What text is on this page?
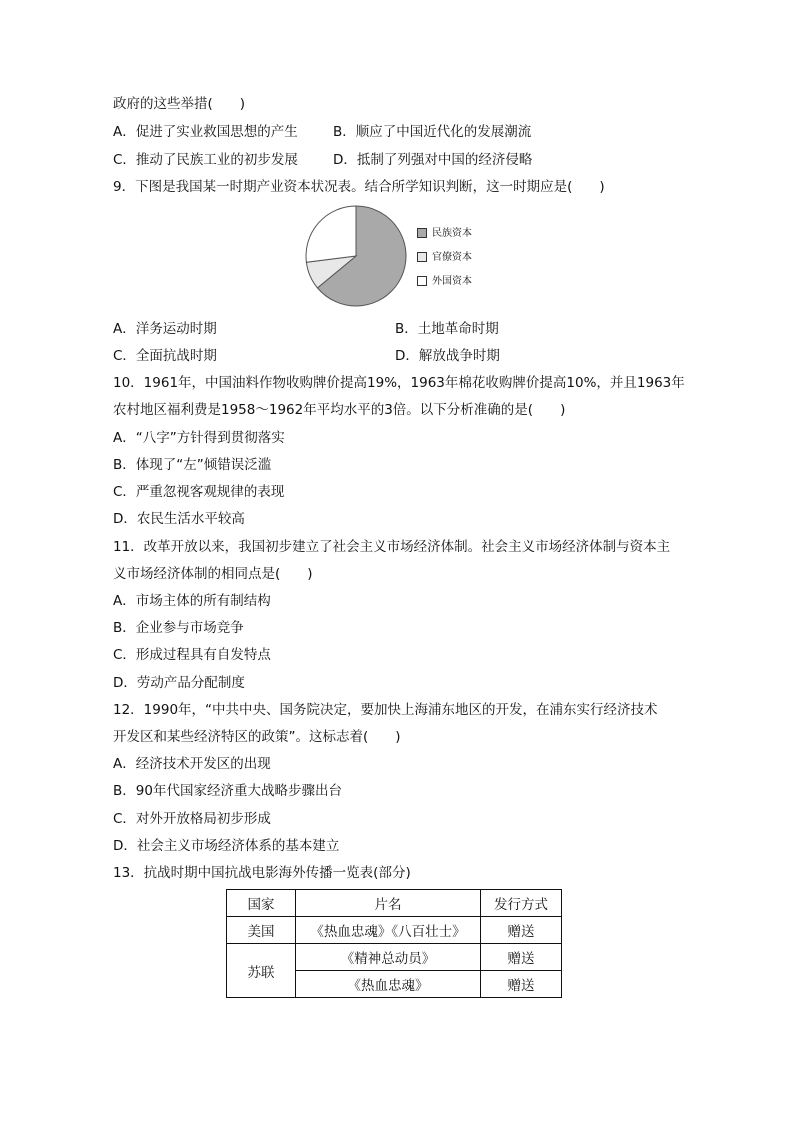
政府的这些举措(　　)
A．促进了实业救国思想的产生	B．顺应了中国近代化的发展潮流
C．推动了民族工业的初步发展	D．抵制了列强对中国的经济侵略
9．下图是我国某一时期产业资本状况表。结合所学知识判断，这一时期应是(　　)
民族资本
官僚资本
外国资本
A．洋务运动时期	B．土地革命时期
C．全面抗战时期	D．解放战争时期
10．1961年，中国油料作物收购牌价提高19%，1963年棉花收购牌价提高10%，并且1963年
农村地区福利费是1958～1962年平均水平的3倍。以下分析准确的是(　　)
A．“八字”方针得到贯彻落实
B．体现了“左”倾错误泛滥
C．严重忽视客观规律的表现
D．农民生活水平较高
11．改革开放以来，我国初步建立了社会主义市场经济体制。社会主义市场经济体制与资本主
义市场经济体制的相同点是(　　)
A．市场主体的所有制结构
B．企业参与市场竞争
C．形成过程具有自发特点
D．劳动产品分配制度
12．1990年，“中共中央、国务院决定，要加快上海浦东地区的开发，在浦东实行经济技术
开发区和某些经济特区的政策”。这标志着(　　)
A．经济技术开发区的出现
B．90年代国家经济重大战略步骤出台
C．对外开放格局初步形成
D．社会主义市场经济体系的基本建立
13．抗战时期中国抗战电影海外传播一览表(部分)
国家	片名	发行方式
美国	《热血忠魂》《八百壮士》	赠送
苏联	《精神总动员》	赠送
	《热血忠魂》	赠送
